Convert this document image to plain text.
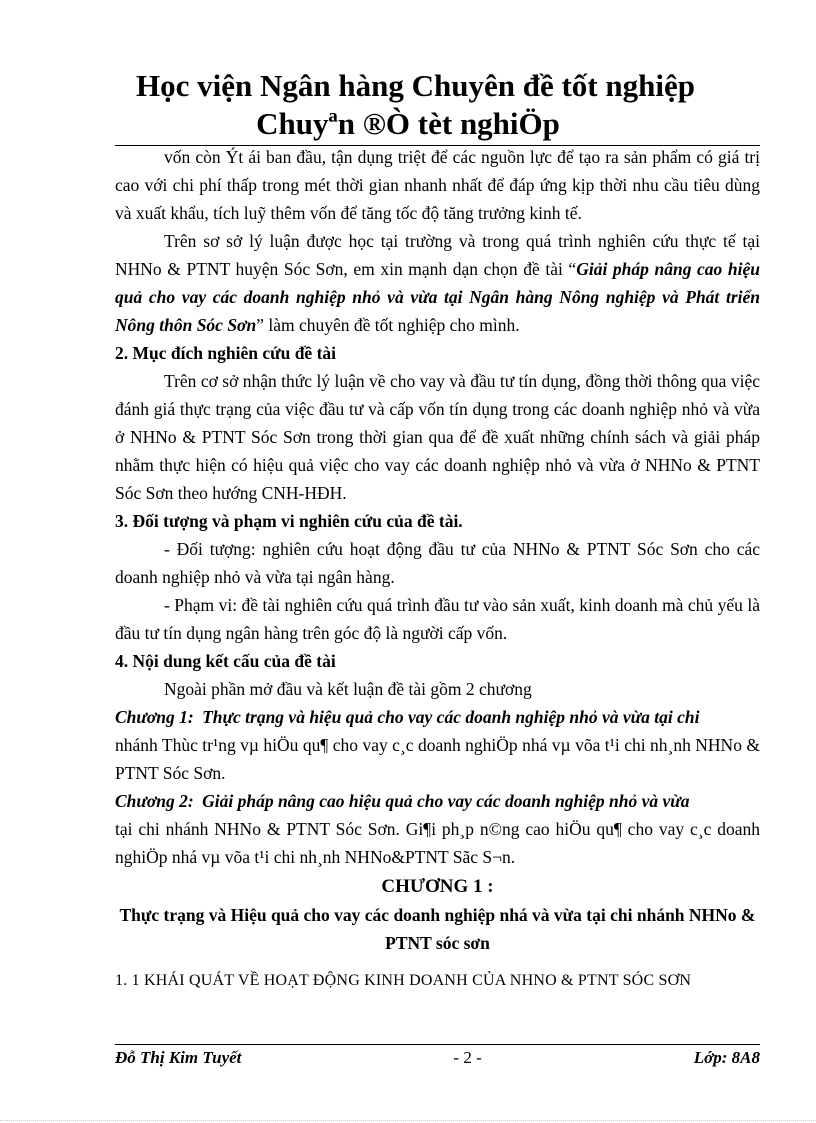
Học viện Ngân hàng Chuyên đề tốt nghiệp
Chuyªn ®Ò tèt nghiÖp

vốn còn Ýt ái ban đầu, tận dụng triệt để các nguồn lực để tạo ra sản phẩm có giá trị cao với chi phí thấp trong mét thời gian nhanh nhất để đáp ứng kịp thời nhu cầu tiêu dùng và xuất khẩu, tích luỹ thêm vốn để tăng tốc độ tăng trưởng kinh tế.

Trên sơ sở lý luận được học tại trường và trong quá trình nghiên cứu thực tế tại NHNo & PTNT huyện Sóc Sơn, em xin mạnh dạn chọn đề tài “Giải pháp nâng cao hiệu quả cho vay các doanh nghiệp nhỏ và vừa tại Ngân hàng Nông nghiệp và Phát triển Nông thôn Sóc Sơn” làm chuyên đề tốt nghiệp cho mình.

2. Mục đích nghiên cứu đề tài

Trên cơ sở nhận thức lý luận về cho vay và đầu tư tín dụng, đồng thời thông qua việc đánh giá thực trạng của việc đầu tư và cấp vốn tín dụng trong các doanh nghiệp nhỏ và vừa ở NHNo & PTNT Sóc Sơn trong thời gian qua để đề xuất những chính sách và giải pháp nhằm thực hiện có hiệu quả việc cho vay các doanh nghiệp nhỏ và vừa ở NHNo & PTNT Sóc Sơn theo hướng CNH-HĐH.

3. Đối tượng và phạm vi nghiên cứu của đề tài.

- Đối tượng: nghiên cứu hoạt động đầu tư của NHNo & PTNT Sóc Sơn cho các doanh nghiệp nhỏ và vừa tại ngân hàng.

- Phạm vi: đề tài nghiên cứu quá trình đầu tư vào sản xuất, kinh doanh mà chủ yếu là đầu tư tín dụng ngân hàng trên góc độ là người cấp vốn.

4. Nội dung kết cấu của đề tài

Ngoài phần mở đầu và kết luận đề tài gồm 2 chương

Chương 1: Thực trạng và hiệu quả cho vay các doanh nghiệp nhỏ và vừa tại chi

nhánh Thùc tr¹ng vµ hiÖu qu¶ cho vay c¸c doanh nghiÖp nhá vµ võa t¹i chi nh¸nh NHNo & PTNT Sóc Sơn.

Chương 2: Giải pháp nâng cao hiệu quả cho vay các doanh nghiệp nhỏ và vừa

tại chi nhánh NHNo & PTNT Sóc Sơn. Gi¶i ph¸p n©ng cao hiÖu qu¶ cho vay c¸c doanh nghiÖp nhá vµ võa t¹i chi nh¸nh NHNo&PTNT Sãc S¬n.

CHƯƠNG 1 :

Thực trạng và Hiệu quả cho vay các doanh nghiệp nhá và vừa tại chi nhánh NHNo & PTNT sóc sơn

1. 1 KHÁI QUÁT VỀ HOẠT ĐỘNG KINH DOANH CỦA NHNO & PTNT SÓC SƠN

Đỗ Thị Kim Tuyết	- 2 -	Lớp: 8A8
